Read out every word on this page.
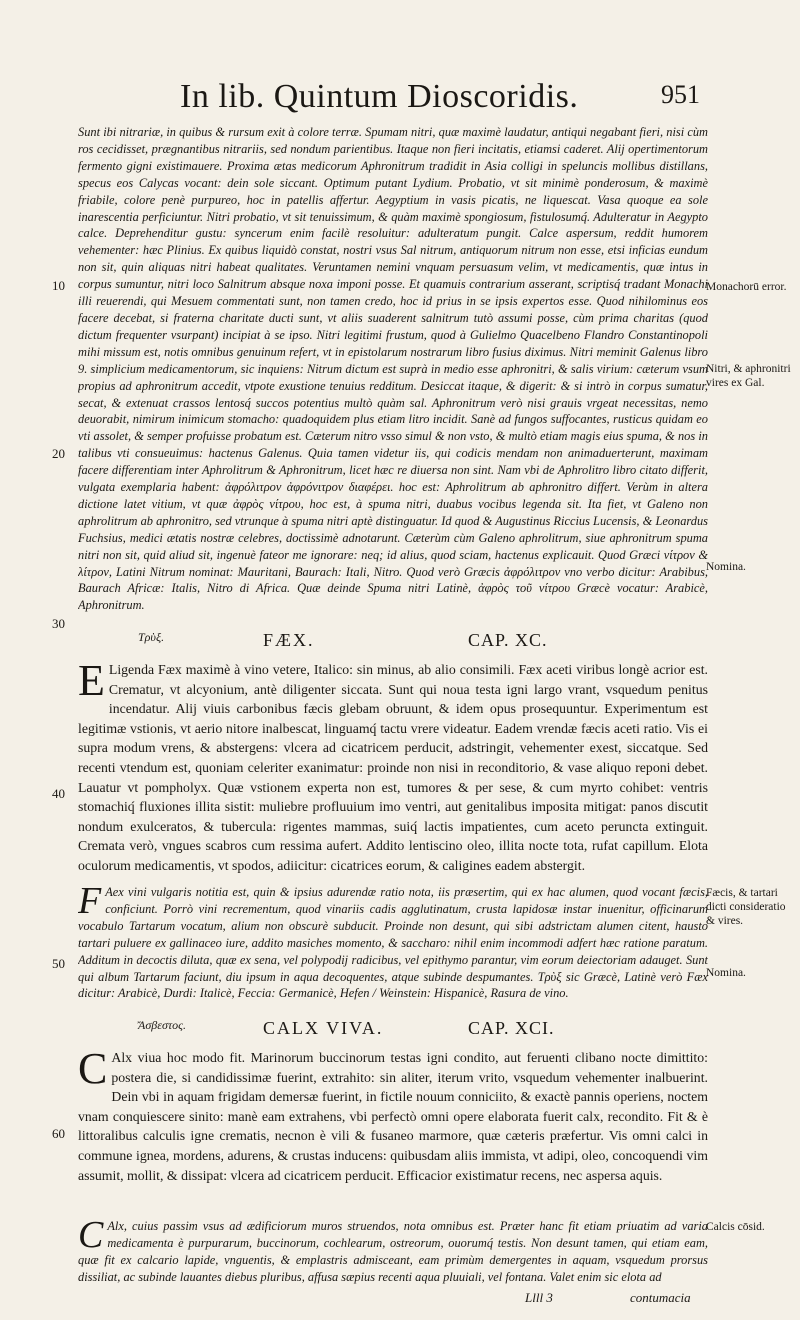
In lib. Quintum Dioscoridis.	951
10
20
30
40
50
60

Sunt ibi nitrariæ, in quibus & rursum exit à colore terræ. Spumam nitri, quæ maximè laudatur, antiqui negabant fieri, nisi cùm ros cecidisset, prægnantibus nitrariis, sed nondum parientibus. Itaque non fieri incitatis, etiamsi caderet. Alij opertimentorum fermento gigni existimauere. Proxima ætas medicorum Aphronitrum tradidit in Asia colligi in speluncis mollibus distillans, specus eos Calycas vocant: dein sole siccant. Optimum putant Lydium. Probatio, vt sit minimè ponderosum, & maximè friabile, colore penè purpureo, hoc in patellis affertur. Aegyptium in vasis picatis, ne liquescat. Vasa quoque ea sole inarescentia perficiuntur. Nitri probatio, vt sit tenuissimum, & quàm maximè spongiosum, fistulosumq́. Adulteratur in Aegypto calce. Deprehenditur gustu: syncerum enim facilè resoluitur: adulteratum pungit. Calce aspersum, reddit humorem vehementer: hæc Plinius. Ex quibus liquidò constat, nostri vsus Sal nitrum, antiquorum nitrum non esse, etsi inficias eundum non sit, quin aliquas nitri habeat qualitates. Veruntamen nemini vnquam persuasum velim, vt medicamentis, quæ intus in corpus sumuntur, nitri loco Salnitrum absque noxa imponi posse. Et quamuis contrarium asserant, scriptisq́ tradant Monachi illi reuerendi, qui Mesuem commentati sunt, non tamen credo, hoc id prius in se ipsis expertos esse. Quod nihilominus eos facere decebat, si fraterna charitate ducti sunt, vt aliis suaderent salnitrum tutò assumi posse, cùm prima charitas (quod dictum frequenter vsurpant) incipiat à se ipso. Nitri legitimi frustum, quod à Gulielmo Quacelbeno Flandro Constantinopoli mihi missum est, notis omnibus genuinum refert, vt in epistolarum nostrarum libro fusius diximus. Nitri meminit Galenus libro 9. simplicium medicamentorum, sic inquiens: Nitrum dictum est suprà in medio esse aphronitri, & salis virium: cæterum vsum propius ad aphronitrum accedit, vtpote exustione tenuius redditum. Desiccat itaque, & digerit: & si intrò in corpus sumatur, secat, & extenuat crassos lentosq́ succos potentius multò quàm sal. Aphronitrum verò nisi grauis vrgeat necessitas, nemo deuorabit, nimirum inimicum stomacho: quadoquidem plus etiam litro incidit. Sanè ad fungos suffocantes, rusticus quidam eo vti assolet, & semper profuisse probatum est. Cæterum nitro vsso simul & non vsto, & multò etiam magis eius spuma, & nos in talibus vti consueuimus: hactenus Galenus. Quia tamen videtur iis, qui codicis mendam non animaduerterunt, maximam facere differentiam inter Aphrolitrum & Aphronitrum, licet hæc re diuersa non sint. Nam vbi de Aphrolitro libro citato differit, vulgata exemplaria habent: ἀφρόλιτρον ἀφρόνιτρον διαφέρει. hoc est: Aphrolitrum ab aphronitro differt. Verùm in altera dictione latet vitium, vt quæ ἀφρὸς νίτρου, hoc est, à spuma nitri, duabus vocibus legenda sit. Ita fiet, vt Galeno non aphrolitrum ab aphronitro, sed vtrunque à spuma nitri aptè distinguatur. Id quod & Augustinus Riccius Lucensis, & Leonardus Fuchsius, medici ætatis nostræ celebres, doctissimè adnotarunt. Cæterùm cùm Galeno aphrolitrum, siue aphronitrum spuma nitri non sit, quid aliud sit, ingenuè fateor me ignorare: neq; id alius, quod sciam, hactenus explicauit. Quod Græci νίτρον & λίτρον, Latini Nitrum nominat: Mauritani, Baurach: Itali, Nitro. Quod verò Græcis ἀφρόλιτρον vno verbo dicitur: Arabibus, Baurach Africæ: Italis, Nitro di Africa. Quæ deinde Spuma nitri Latinè, ἀφρὸς τοῦ νίτρου Græcè vocatur: Arabicè, Aphronitrum.

Monachorū error.
Nitri, & aphronitri vires ex Gal.
Nomina.
Τρὺξ.	FÆX.	CAP. XC.

E Ligenda Fæx maximè à vino vetere, Italico: sin minus, ab alio consimili. Fæx aceti viribus longè acrior est. Crematur, vt alcyonium, antè diligenter siccata. Sunt qui noua testa igni largo vrant, vsquedum penitus incendatur. Alij viuis carbonibus fæcis glebam obruunt, & idem opus prosequuntur. Experimentum est legitimæ vstionis, vt aerio nitore inalbescat, linguamq́ tactu vrere videatur. Eadem vrendæ fæcis aceti ratio. Vis ei supra modum vrens, & abstergens: vlcera ad cicatricem perducit, adstringit, vehementer exest, siccatque. Sed recenti vtendum est, quoniam celeriter exanimatur: proinde non nisi in reconditorio, & vase aliquo reponi debet. Lauatur vt pompholyx. Quæ vstionem experta non est, tumores & per sese, & cum myrto cohibet: ventris stomachiq́ fluxiones illita sistit: muliebre profluuium imo ventri, aut genitalibus imposita mitigat: panos discutit nondum exulceratos, & tubercula: rigentes mammas, suiq́ lactis impatientes, cum aceto peruncta extinguit. Cremata verò, vngues scabros cum ressima aufert. Addito lentiscino oleo, illita nocte tota, rufat capillum. Elota oculorum medicamentis, vt spodos, adiicitur: cicatrices eorum, & caligines eadem abstergit.

F Aex vini vulgaris notitia est, quin & ipsius adurendæ ratio nota, iis præsertim, qui ex hac alumen, quod vocant fæcis, conficiunt. Porrò vini recrementum, quod vinariis cadis agglutinatum, crusta lapidosæ instar inuenitur, officinarum vocabulo Tartarum vocatum, alium non obscurè subducit. Proinde non desunt, qui sibi adstrictam alumen citent, hausto tartari puluere ex gallinaceo iure, addito masiches momento, & saccharo: nihil enim incommodi adfert hæc ratione paratum. Additum in decoctis diluta, quæ ex sena, vel polypodij radicibus, vel epithymo parantur, vim eorum deiectoriam adauget. Sunt qui album Tartarum faciunt, diu ipsum in aqua decoquentes, atque subinde despumantes. Τρὺξ sic Græcè, Latinè verò Fæx dicitur: Arabicè, Durdi: Italicè, Feccia: Germanicè, Hefen / Weinstein: Hispanicè, Rasura de vino.

Fæcis, & tartari dicti consideratio & vires.
Nomina.
Ἄσβεστος.	CALX VIVA.	CAP. XCI.

C Alx viua hoc modo fit. Marinorum buccinorum testas igni condito, aut feruenti clibano nocte dimittito: postera die, si candidissimæ fuerint, extrahito: sin aliter, iterum vrito, vsquedum vehementer inalbuerint. Dein vbi in aquam frigidam demersæ fuerint, in fictile nouum conniciito, & exactè pannis operiens, noctem vnam conquiescere sinito: manè eam extrahens, vbi perfectò omni opere elaborata fuerit calx, recondito. Fit & è littoralibus calculis igne crematis, necnon è vili & fusaneo marmore, quæ cæteris præfertur. Vis omni calci in commune ignea, mordens, adurens, & crustas inducens: quibusdam aliis immista, vt adipi, oleo, concoquendi vim assumit, mollit, & dissipat: vlcera ad cicatricem perducit. Efficacior existimatur recens, nec aspersa aquis.

C Alx, cuius passim vsus ad ædificiorum muros struendos, nota omnibus est. Præter hanc fit etiam priuatim ad varia medicamenta è purpurarum, buccinorum, cochlearum, ostreorum, ouorumq́ testis. Non desunt tamen, qui etiam eam, quæ fit ex calcario lapide, vnguentis, & emplastris admisceant, eam primùm demergentes in aquam, vsquedum prorsus dissiliat, ac subinde lauantes diebus pluribus, affusa sæpius recenti aqua pluuiali, vel fontana. Valet enim sic elota ad

Calcis cōsid.
Llll 3	contumacia
